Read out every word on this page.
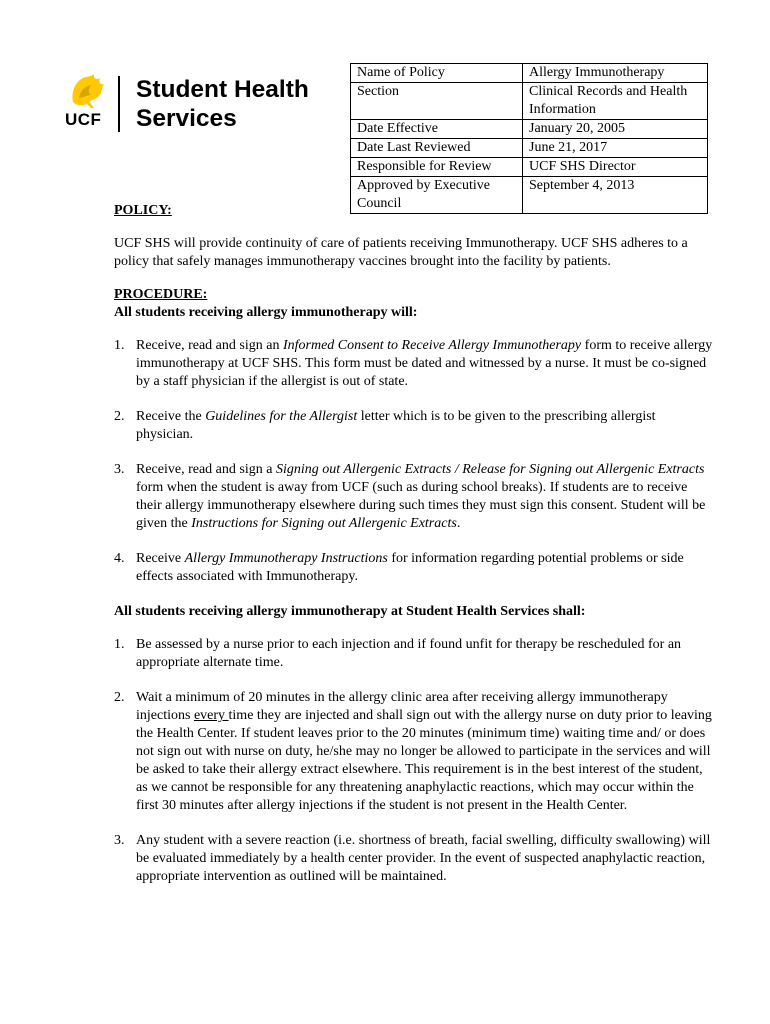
UCF
Student Health
Services
Name of Policy	Allergy Immunotherapy
Section	Clinical Records and Health Information
Date Effective	January 20, 2005
Date Last Reviewed	June 21, 2017
Responsible for Review	UCF SHS Director
Approved by Executive Council	September 4, 2013

POLICY:

UCF SHS will provide continuity of care of patients receiving Immunotherapy. UCF SHS adheres to a policy that safely manages immunotherapy vaccines brought into the facility by patients.

PROCEDURE:

All students receiving allergy immunotherapy will:

1. Receive, read and sign an Informed Consent to Receive Allergy Immunotherapy form to receive allergy immunotherapy at UCF SHS. This form must be dated and witnessed by a nurse. It must be co-signed by a staff physician if the allergist is out of state.
2. Receive the Guidelines for the Allergist letter which is to be given to the prescribing allergist physician.
3. Receive, read and sign a Signing out Allergenic Extracts / Release for Signing out Allergenic Extracts form when the student is away from UCF (such as during school breaks). If students are to receive their allergy immunotherapy elsewhere during such times they must sign this consent. Student will be given the Instructions for Signing out Allergenic Extracts.
4. Receive Allergy Immunotherapy Instructions for information regarding potential problems or side effects associated with Immunotherapy.

All students receiving allergy immunotherapy at Student Health Services shall:

1. Be assessed by a nurse prior to each injection and if found unfit for therapy be rescheduled for an appropriate alternate time.
2. Wait a minimum of 20 minutes in the allergy clinic area after receiving allergy immunotherapy injections every time they are injected and shall sign out with the allergy nurse on duty prior to leaving the Health Center. If student leaves prior to the 20 minutes (minimum time) waiting time and/ or does not sign out with nurse on duty, he/she may no longer be allowed to participate in the services and will be asked to take their allergy extract elsewhere. This requirement is in the best interest of the student, as we cannot be responsible for any threatening anaphylactic reactions, which may occur within the first 30 minutes after allergy injections if the student is not present in the Health Center.
3. Any student with a severe reaction (i.e. shortness of breath, facial swelling, difficulty swallowing) will be evaluated immediately by a health center provider. In the event of suspected anaphylactic reaction, appropriate intervention as outlined will be maintained.
